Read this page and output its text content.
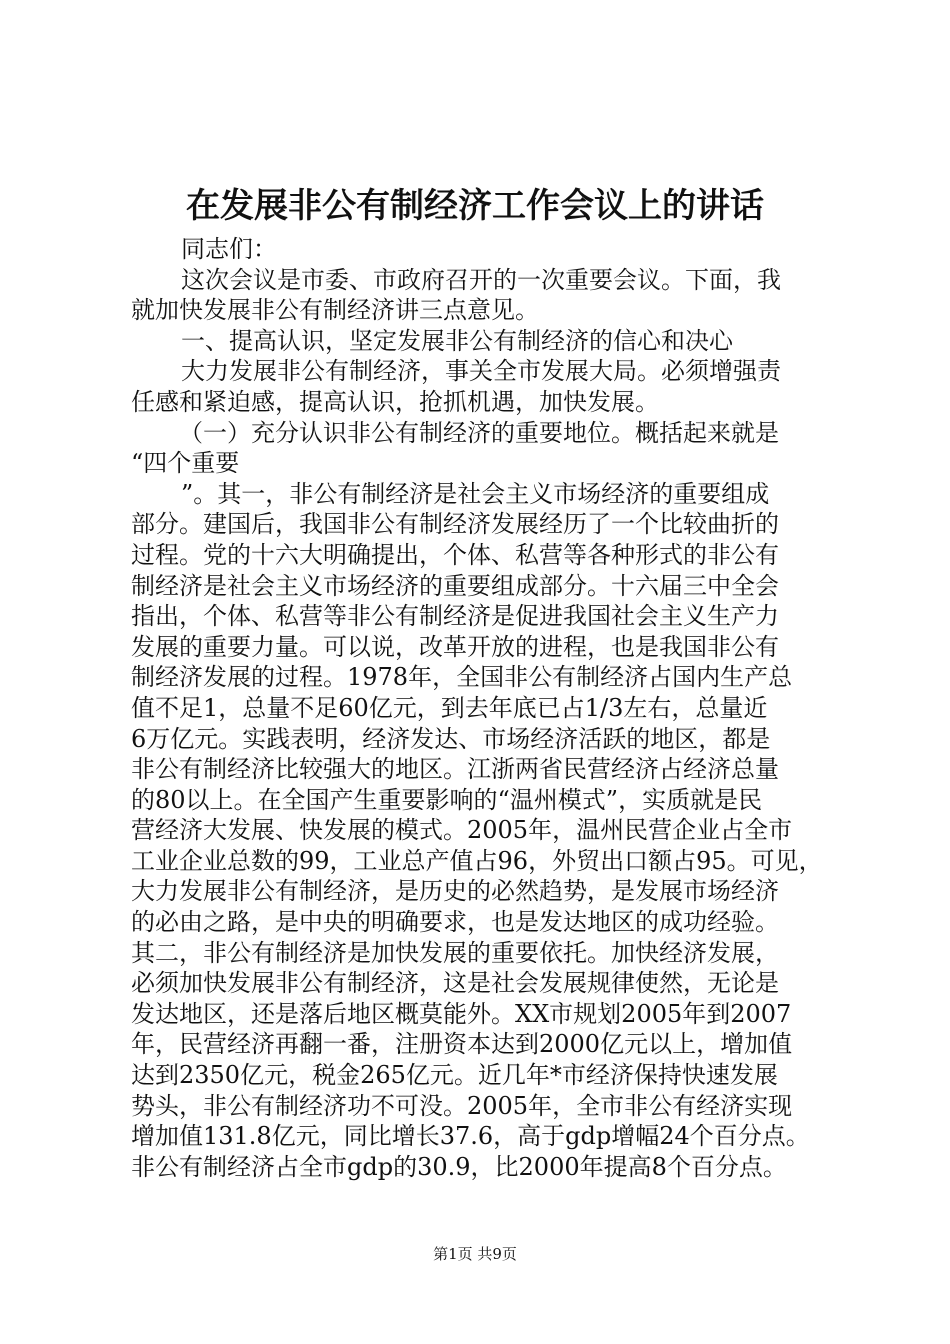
在发展非公有制经济工作会议上的讲话
同志们：
这次会议是市委、市政府召开的一次重要会议。下面，我
就加快发展非公有制经济讲三点意见。
一、提高认识，坚定发展非公有制经济的信心和决心
大力发展非公有制经济，事关全市发展大局。必须增强责
任感和紧迫感，提高认识，抢抓机遇，加快发展。
（一）充分认识非公有制经济的重要地位。概括起来就是
“四个重要
”。其一，非公有制经济是社会主义市场经济的重要组成
部分。建国后，我国非公有制经济发展经历了一个比较曲折的
过程。党的十六大明确提出，个体、私营等各种形式的非公有
制经济是社会主义市场经济的重要组成部分。十六届三中全会
指出，个体、私营等非公有制经济是促进我国社会主义生产力
发展的重要力量。可以说，改革开放的进程，也是我国非公有
制经济发展的过程。1978年，全国非公有制经济占国内生产总
值不足1，总量不足60亿元，到去年底已占1/3左右，总量近
6万亿元。实践表明，经济发达、市场经济活跃的地区，都是
非公有制经济比较强大的地区。江浙两省民营经济占经济总量
的80以上。在全国产生重要影响的“温州模式”，实质就是民
营经济大发展、快发展的模式。2005年，温州民营企业占全市
工业企业总数的99，工业总产值占96，外贸出口额占95。可见，
大力发展非公有制经济，是历史的必然趋势，是发展市场经济
的必由之路，是中央的明确要求，也是发达地区的成功经验。
其二，非公有制经济是加快发展的重要依托。加快经济发展，
必须加快发展非公有制经济，这是社会发展规律使然，无论是
发达地区，还是落后地区概莫能外。XX市规划2005年到2007
年，民营经济再翻一番，注册资本达到2000亿元以上，增加值
达到2350亿元，税金265亿元。近几年*市经济保持快速发展
势头，非公有制经济功不可没。2005年，全市非公有经济实现
增加值131.8亿元，同比增长37.6，高于gdp增幅24个百分点。
非公有制经济占全市gdp的30.9，比2000年提高8个百分点。
第1页 共9页
